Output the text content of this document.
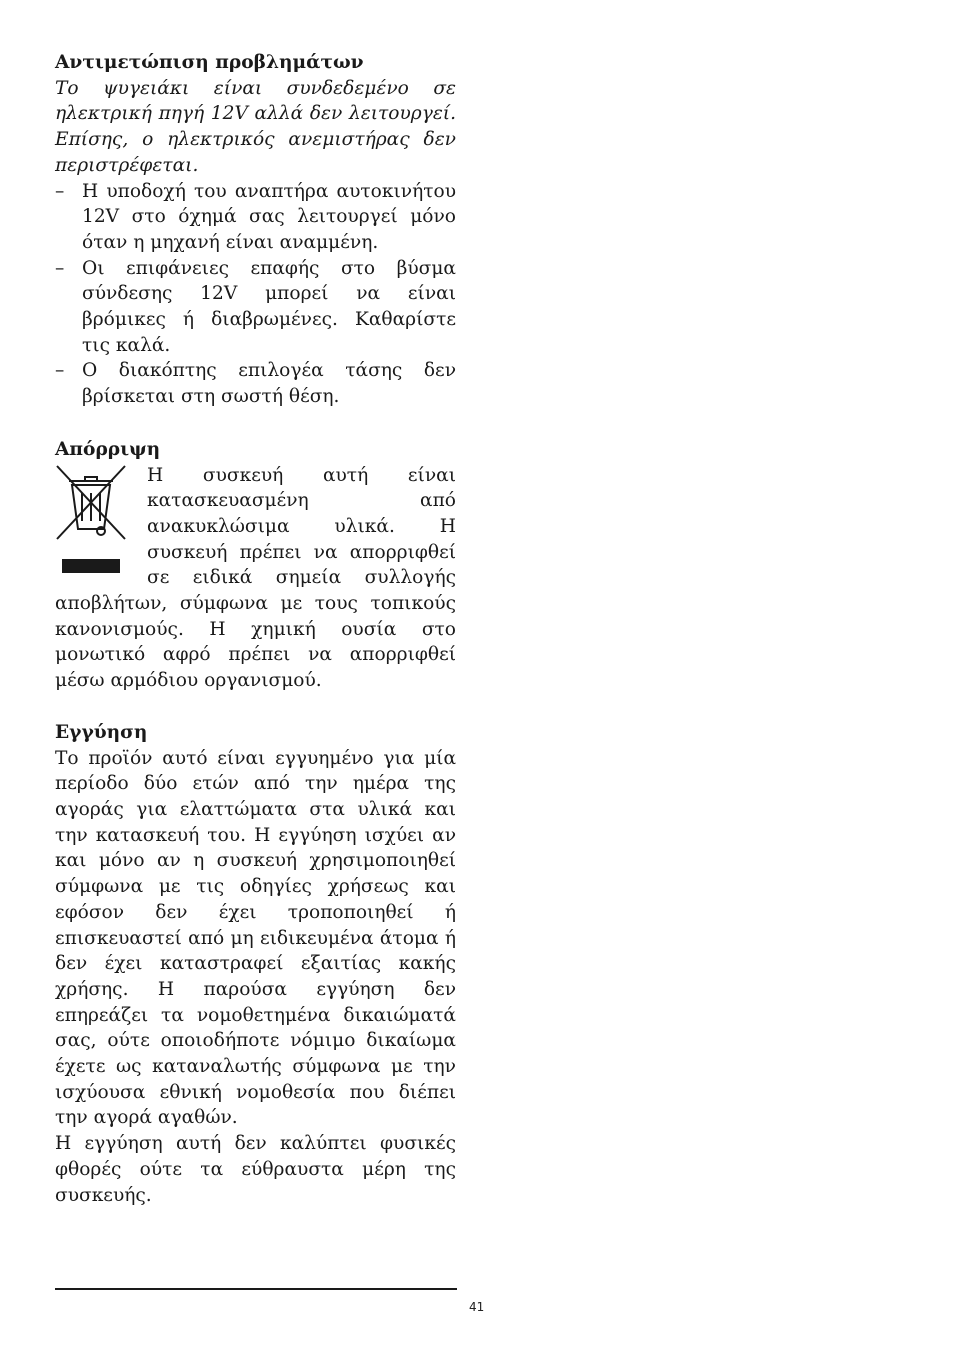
Αντιμετώπιση προβλημάτων

Το ψυγειάκι είναι συνδεδεμένο σε ηλεκτρική πηγή 12V αλλά δεν λειτουργεί. Επίσης, ο ηλεκτρικός ανεμιστήρας δεν περιστρέφεται.

– Η υποδοχή του αναπτήρα αυτοκινήτου 12V στο όχημά σας λειτουργεί μόνο όταν η μηχανή είναι αναμμένη.
– Οι επιφάνειες επαφής στο βύσμα σύνδεσης 12V μπορεί να είναι βρόμικες ή διαβρωμένες. Καθαρίστε τις καλά.
– Ο διακόπτης επιλογέα τάσης δεν βρίσκεται στη σωστή θέση.

Απόρριψη

Η συσκευή αυτή είναι κατασκευασμένη από ανακυκλώσιμα υλικά. Η συσκευή πρέπει να απορριφθεί σε ειδικά σημεία συλλογής αποβλήτων, σύμφωνα με τους τοπικούς κανονισμούς. Η χημική ουσία στο μονωτικό αφρό πρέπει να απορριφθεί μέσω αρμόδιου οργανισμού.

Εγγύηση

Το προϊόν αυτό είναι εγγυημένο για μία περίοδο δύο ετών από την ημέρα της αγοράς για ελαττώματα στα υλικά και την κατασκευή του. Η εγγύηση ισχύει αν και μόνο αν η συσκευή χρησιμοποιηθεί σύμφωνα με τις οδηγίες χρήσεως και εφόσον δεν έχει τροποποιηθεί ή επισκευαστεί από μη ειδικευμένα άτομα ή δεν έχει καταστραφεί εξαιτίας κακής χρήσης. Η παρούσα εγγύηση δεν επηρεάζει τα νομοθετημένα δικαιώματά σας, ούτε οποιοδήποτε νόμιμο δικαίωμα έχετε ως καταναλωτής σύμφωνα με την ισχύουσα εθνική νομοθεσία που διέπει την αγορά αγαθών.

Η εγγύηση αυτή δεν καλύπτει φυσικές φθορές ούτε τα εύθραυστα μέρη της συσκευής.

41
